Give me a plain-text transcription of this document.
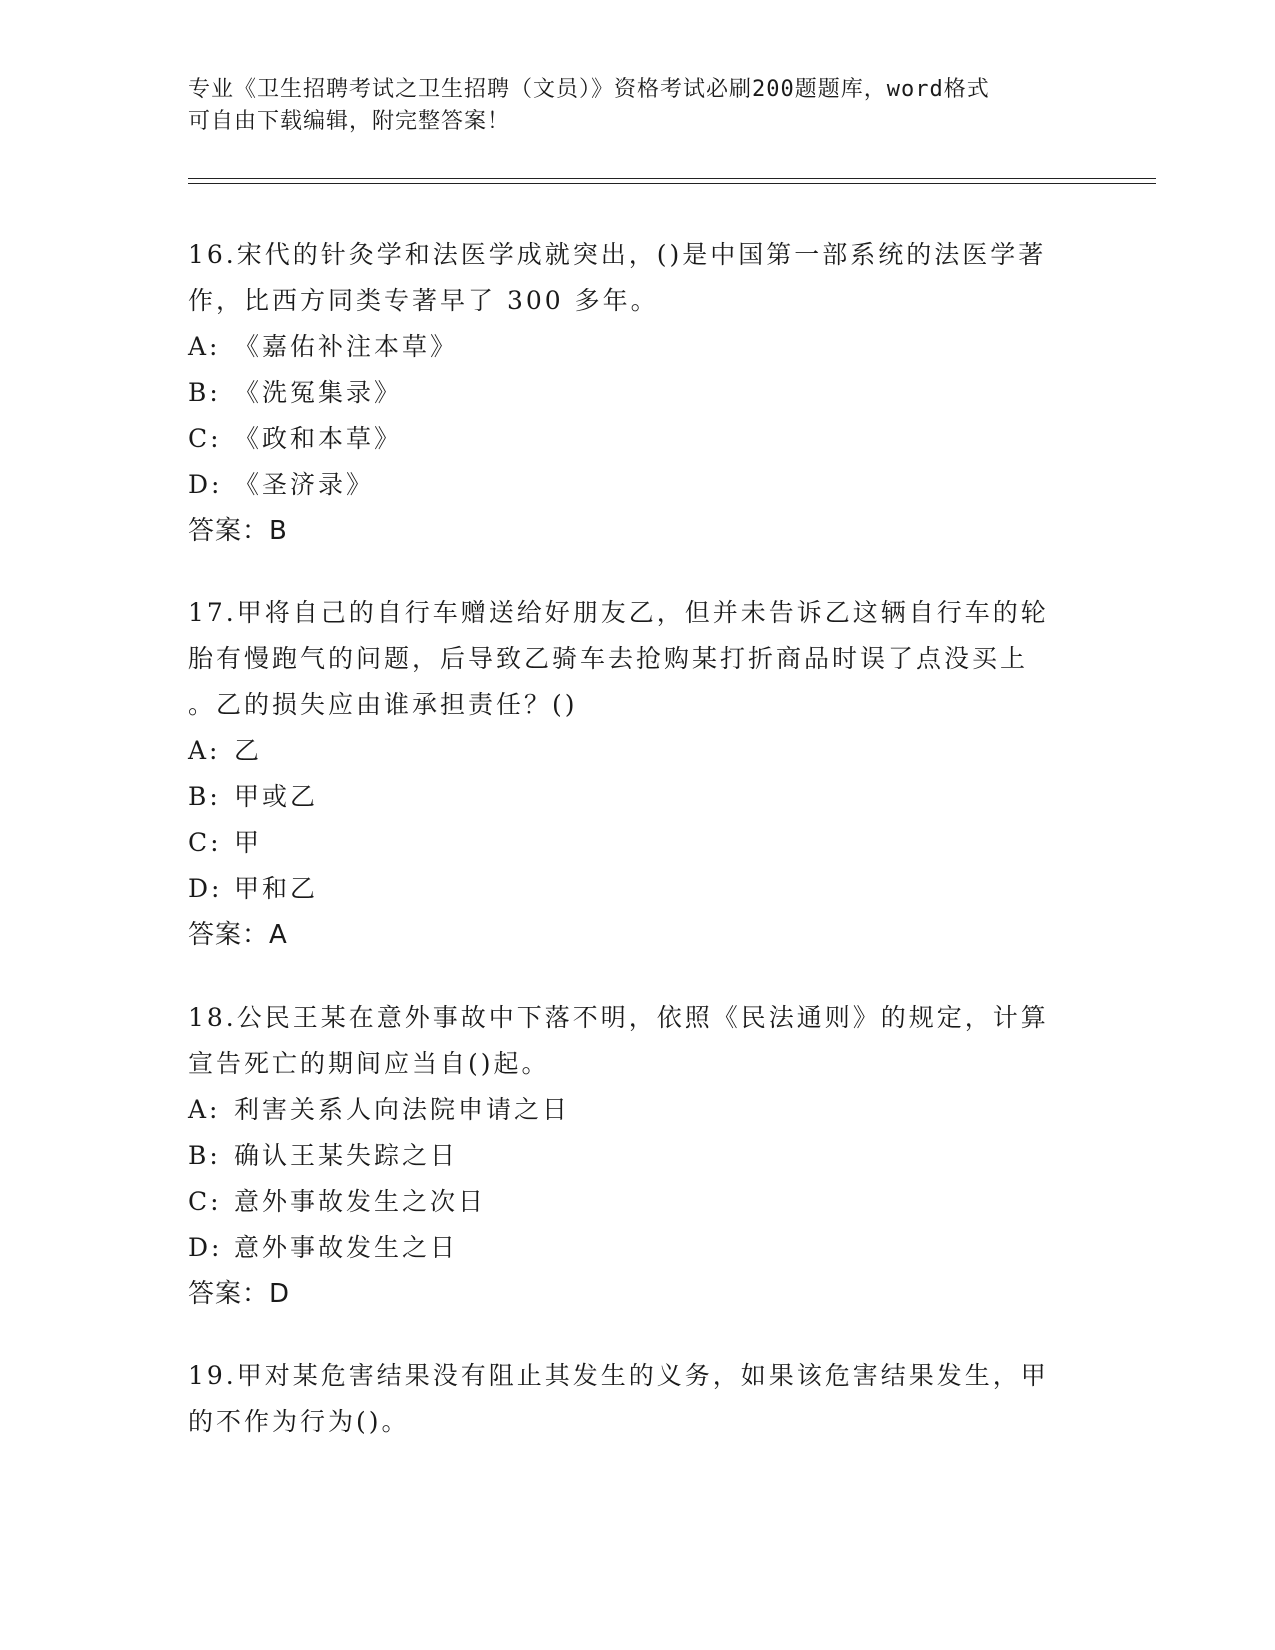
专业《卫生招聘考试之卫生招聘（文员）》资格考试必刷200题题库，word格式
可自由下载编辑，附完整答案！
16.宋代的针灸学和法医学成就突出，()是中国第一部系统的法医学著
作，比西方同类专著早了 300 多年。
A: 《嘉佑补注本草》
B: 《洗冤集录》
C: 《政和本草》
D: 《圣济录》
答案：B
17.甲将自己的自行车赠送给好朋友乙，但并未告诉乙这辆自行车的轮
胎有慢跑气的问题，后导致乙骑车去抢购某打折商品时误了点没买上
。乙的损失应由谁承担责任？()
A: 乙
B: 甲或乙
C: 甲
D: 甲和乙
答案：A
18.公民王某在意外事故中下落不明，依照《民法通则》的规定，计算
宣告死亡的期间应当自()起。
A: 利害关系人向法院申请之日
B: 确认王某失踪之日
C: 意外事故发生之次日
D: 意外事故发生之日
答案：D
19.甲对某危害结果没有阻止其发生的义务，如果该危害结果发生，甲
的不作为行为()。
